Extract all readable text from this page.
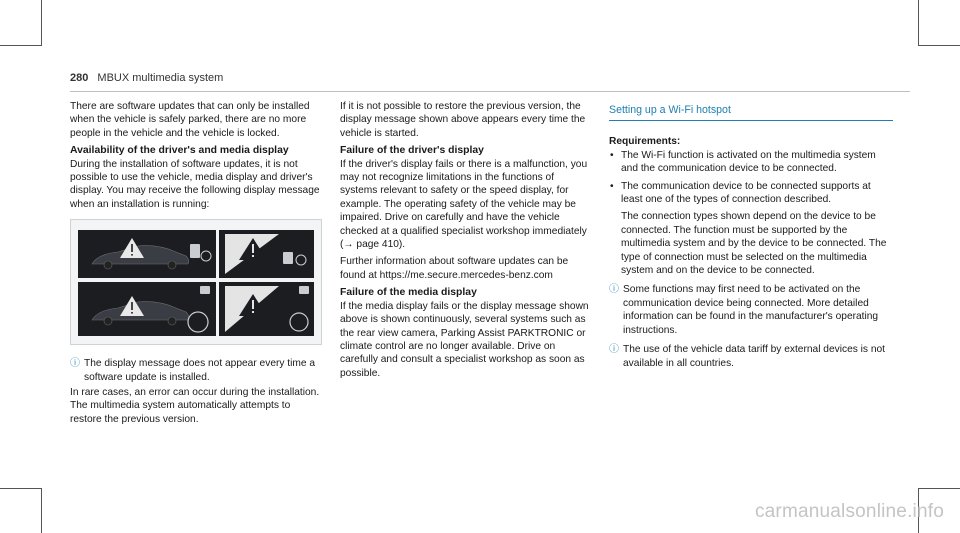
280 MBUX multimedia system

There are software updates that can only be installed when the vehicle is safely parked, there are no more people in the vehicle and the vehicle is locked.

Availability of the driver's and media display

During the installation of software updates, it is not possible to use the vehicle, media display and driver's display. You may receive the following display message when an installation is running:

ⓘ The display message does not appear every time a software update is installed.

In rare cases, an error can occur during the installation. The multimedia system automatically attempts to restore the previous version.

If it is not possible to restore the previous version, the display message shown above appears every time the vehicle is started.

Failure of the driver's display

If the driver's display fails or there is a malfunction, you may not recognize limitations in the functions of systems relevant to safety or the speed display, for example. The operating safety of the vehicle may be impaired. Drive on carefully and have the vehicle checked at a qualified specialist workshop immediately (→ page 410).

Further information about software updates can be found at https://me.secure.mercedes-benz.com

Failure of the media display

If the media display fails or the display message shown above is shown continuously, several systems such as the rear view camera, Parking Assist PARKTRONIC or climate control are no longer available. Drive on carefully and consult a specialist workshop as soon as possible.

Setting up a Wi-Fi hotspot
Requirements:
• The Wi-Fi function is activated on the multimedia system and the communication device to be connected.
• The communication device to be connected supports at least one of the types of connection described.
The connection types shown depend on the device to be connected. The function must be supported by the multimedia system and by the device to be connected. The type of connection must be selected on the multimedia system and on the device to be connected.
ⓘ Some functions may first need to be activated on the communication device being connected. More detailed information can be found in the manufacturer's operating instructions.
ⓘ The use of the vehicle data tariff by external devices is not available in all countries.
carmanualsonline.info
